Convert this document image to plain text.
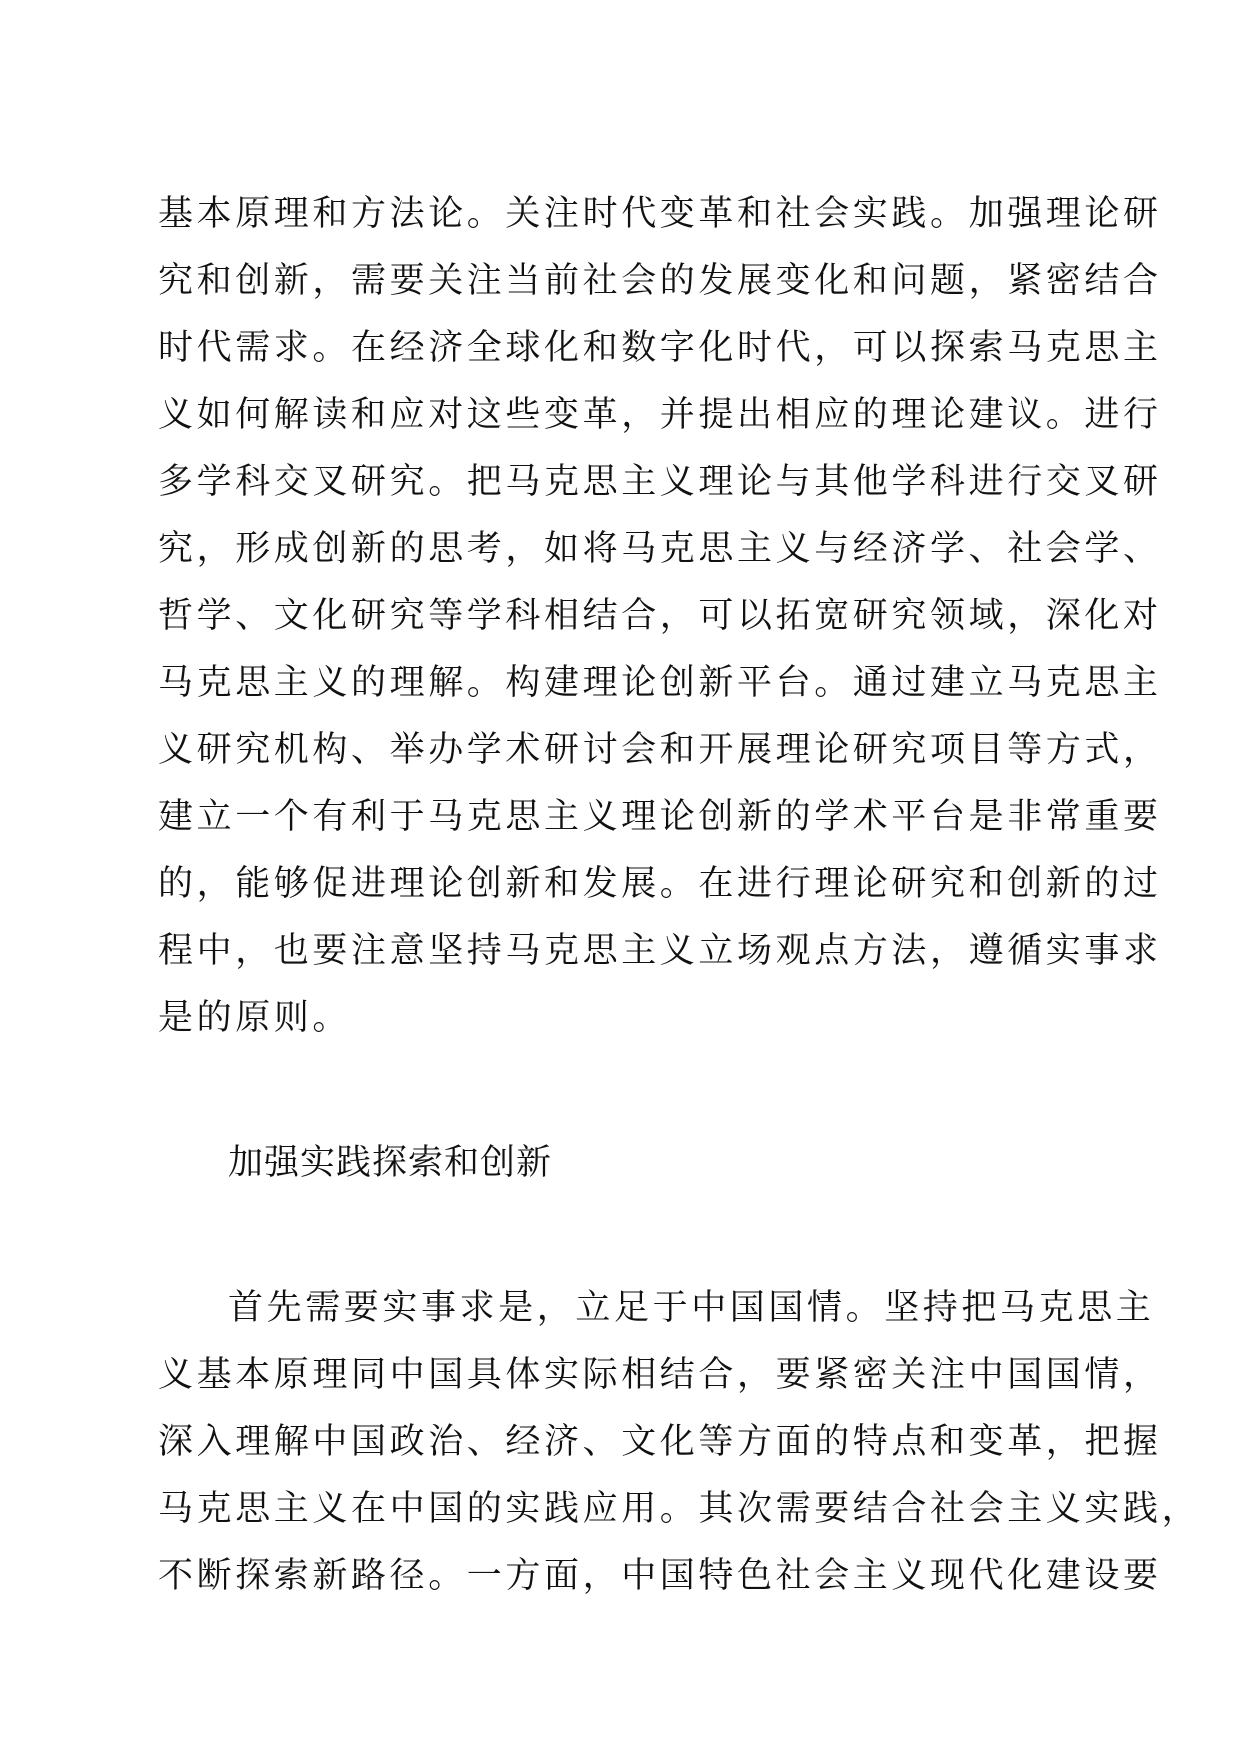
基本原理和方法论。关注时代变革和社会实践。加强理论研
究和创新，需要关注当前社会的发展变化和问题，紧密结合
时代需求。在经济全球化和数字化时代，可以探索马克思主
义如何解读和应对这些变革，并提出相应的理论建议。进行
多学科交叉研究。把马克思主义理论与其他学科进行交叉研
究，形成创新的思考，如将马克思主义与经济学、社会学、
哲学、文化研究等学科相结合，可以拓宽研究领域，深化对
马克思主义的理解。构建理论创新平台。通过建立马克思主
义研究机构、举办学术研讨会和开展理论研究项目等方式，
建立一个有利于马克思主义理论创新的学术平台是非常重要
的，能够促进理论创新和发展。在进行理论研究和创新的过
程中，也要注意坚持马克思主义立场观点方法，遵循实事求
是的原则。
加强实践探索和创新
首先需要实事求是，立足于中国国情。坚持把马克思主
义基本原理同中国具体实际相结合，要紧密关注中国国情，
深入理解中国政治、经济、文化等方面的特点和变革，把握
马克思主义在中国的实践应用。其次需要结合社会主义实践，
不断探索新路径。一方面，中国特色社会主义现代化建设要
